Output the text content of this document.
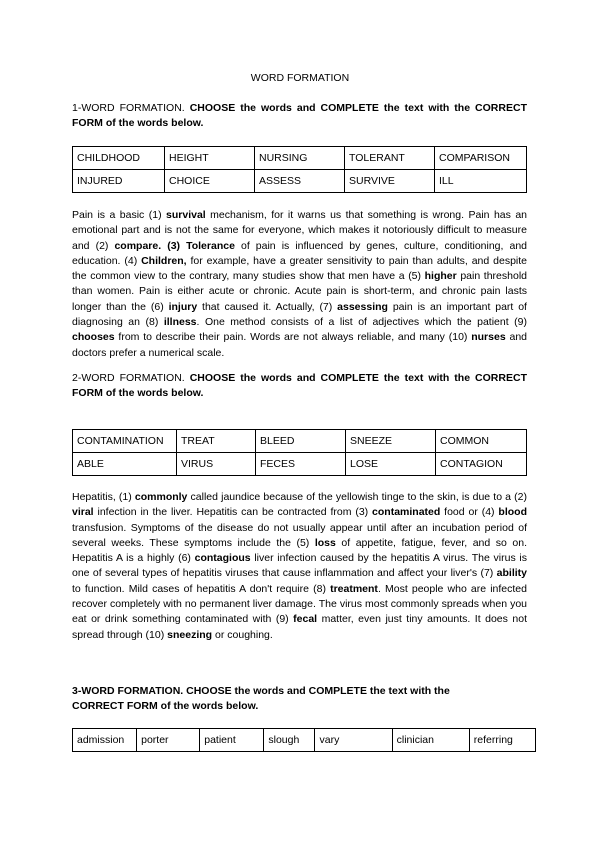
WORD FORMATION
1-WORD FORMATION. CHOOSE the words and COMPLETE the text with the CORRECT FORM of the words below.
CHILDHOOD	HEIGHT	NURSING	TOLERANT	COMPARISON
INJURED	CHOICE	ASSESS	SURVIVE	ILL

Pain is a basic (1) survival mechanism, for it warns us that something is wrong. Pain has an emotional part and is not the same for everyone, which makes it notoriously difficult to measure and (2) compare. (3) Tolerance of pain is influenced by genes, culture, conditioning, and education. (4) Children, for example, have a greater sensitivity to pain than adults, and despite the common view to the contrary, many studies show that men have a (5) higher pain threshold than women. Pain is either acute or chronic. Acute pain is short-term, and chronic pain lasts longer than the (6) injury that caused it. Actually, (7) assessing pain is an important part of diagnosing an (8) illness. One method consists of a list of adjectives which the patient (9) chooses from to describe their pain. Words are not always reliable, and many (10) nurses and doctors prefer a numerical scale.

2-WORD FORMATION. CHOOSE the words and COMPLETE the text with the CORRECT FORM of the words below.
CONTAMINATION	TREAT	BLEED	SNEEZE	COMMON
ABLE	VIRUS	FECES	LOSE	CONTAGION

Hepatitis, (1) commonly called jaundice because of the yellowish tinge to the skin, is due to a (2) viral infection in the liver. Hepatitis can be contracted from (3) contaminated food or (4) blood transfusion. Symptoms of the disease do not usually appear until after an incubation period of several weeks. These symptoms include the (5) loss of appetite, fatigue, fever, and so on. Hepatitis A is a highly (6) contagious liver infection caused by the hepatitis A virus. The virus is one of several types of hepatitis viruses that cause inflammation and affect your liver's (7) ability to function. Mild cases of hepatitis A don't require (8) treatment. Most people who are infected recover completely with no permanent liver damage. The virus most commonly spreads when you eat or drink something contaminated with (9) fecal matter, even just tiny amounts. It does not spread through (10) sneezing or coughing.

3-WORD FORMATION. CHOOSE the words and COMPLETE the text with the
CORRECT FORM of the words below.
admission	porter	patient	slough	vary	clinician	referring
